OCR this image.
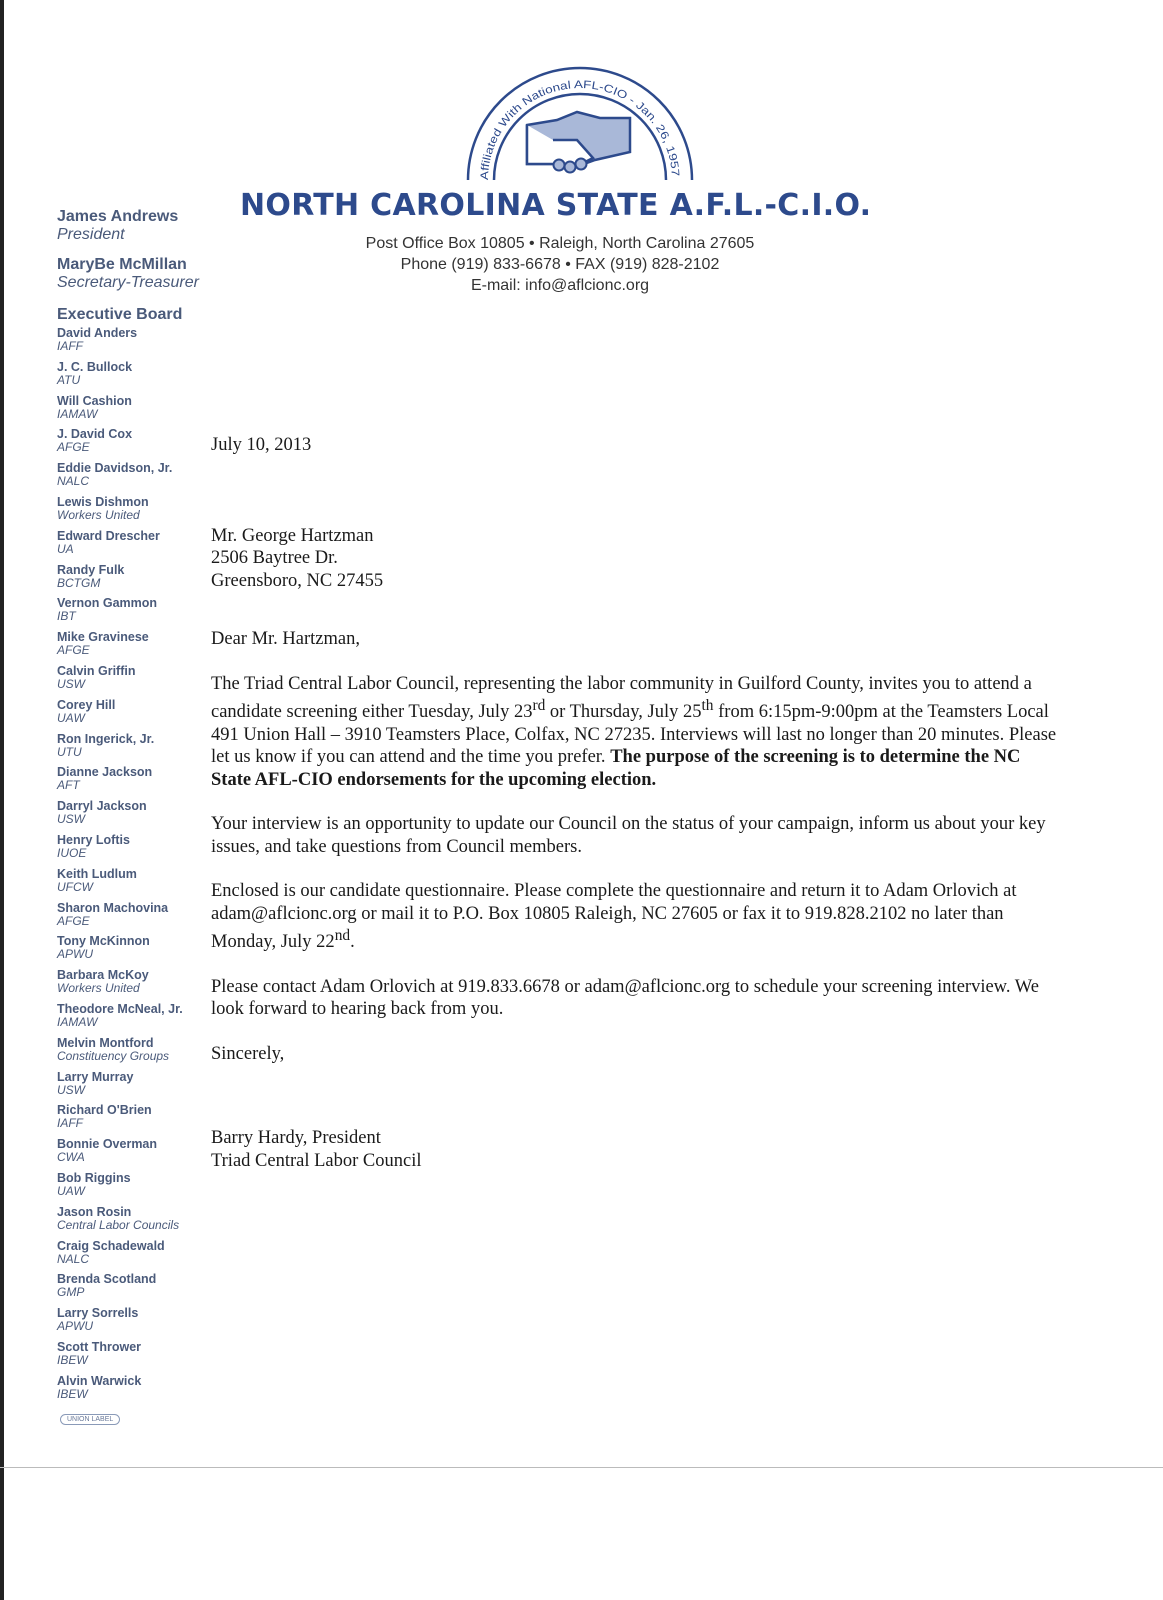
Affiliated With National AFL-CIO - Jan. 26, 1957
NORTH CAROLINA STATE A.F.L.-C.I.O.
Post Office Box 10805 • Raleigh, North Carolina 27605
Phone (919) 833-6678 • FAX (919) 828-2102
E-mail: info@aflcionc.org
James Andrews
President
MaryBe McMillan
Secretary-Treasurer
Executive Board
David Anders
IAFF
J. C. Bullock
ATU
Will Cashion
IAMAW
J. David Cox
AFGE
Eddie Davidson, Jr.
NALC
Lewis Dishmon
Workers United
Edward Drescher
UA
Randy Fulk
BCTGM
Vernon Gammon
IBT
Mike Gravinese
AFGE
Calvin Griffin
USW
Corey Hill
UAW
Ron Ingerick, Jr.
UTU
Dianne Jackson
AFT
Darryl Jackson
USW
Henry Loftis
IUOE
Keith Ludlum
UFCW
Sharon Machovina
AFGE
Tony McKinnon
APWU
Barbara McKoy
Workers United
Theodore McNeal, Jr.
IAMAW
Melvin Montford
Constituency Groups
Larry Murray
USW
Richard O'Brien
IAFF
Bonnie Overman
CWA
Bob Riggins
UAW
Jason Rosin
Central Labor Councils
Craig Schadewald
NALC
Brenda Scotland
GMP
Larry Sorrells
APWU
Scott Thrower
IBEW
Alvin Warwick
IBEW
UNION LABEL

July 10, 2013

Mr. George Hartzman

2506 Baytree Dr.

Greensboro, NC 27455

Dear Mr. Hartzman,

The Triad Central Labor Council, representing the labor community in Guilford County, invites you to attend a candidate screening either Tuesday, July 23rd or Thursday, July 25th from 6:15pm-9:00pm at the Teamsters Local 491 Union Hall – 3910 Teamsters Place, Colfax, NC 27235. Interviews will last no longer than 20 minutes. Please let us know if you can attend and the time you prefer. The purpose of the screening is to determine the NC State AFL-CIO endorsements for the upcoming election.

Your interview is an opportunity to update our Council on the status of your campaign, inform us about your key issues, and take questions from Council members.

Enclosed is our candidate questionnaire. Please complete the questionnaire and return it to Adam Orlovich at adam@aflcionc.org or mail it to P.O. Box 10805 Raleigh, NC 27605 or fax it to 919.828.2102 no later than Monday, July 22nd.

Please contact Adam Orlovich at 919.833.6678 or adam@aflcionc.org to schedule your screening interview. We look forward to hearing back from you.

Sincerely,

Barry Hardy, President

Triad Central Labor Council
